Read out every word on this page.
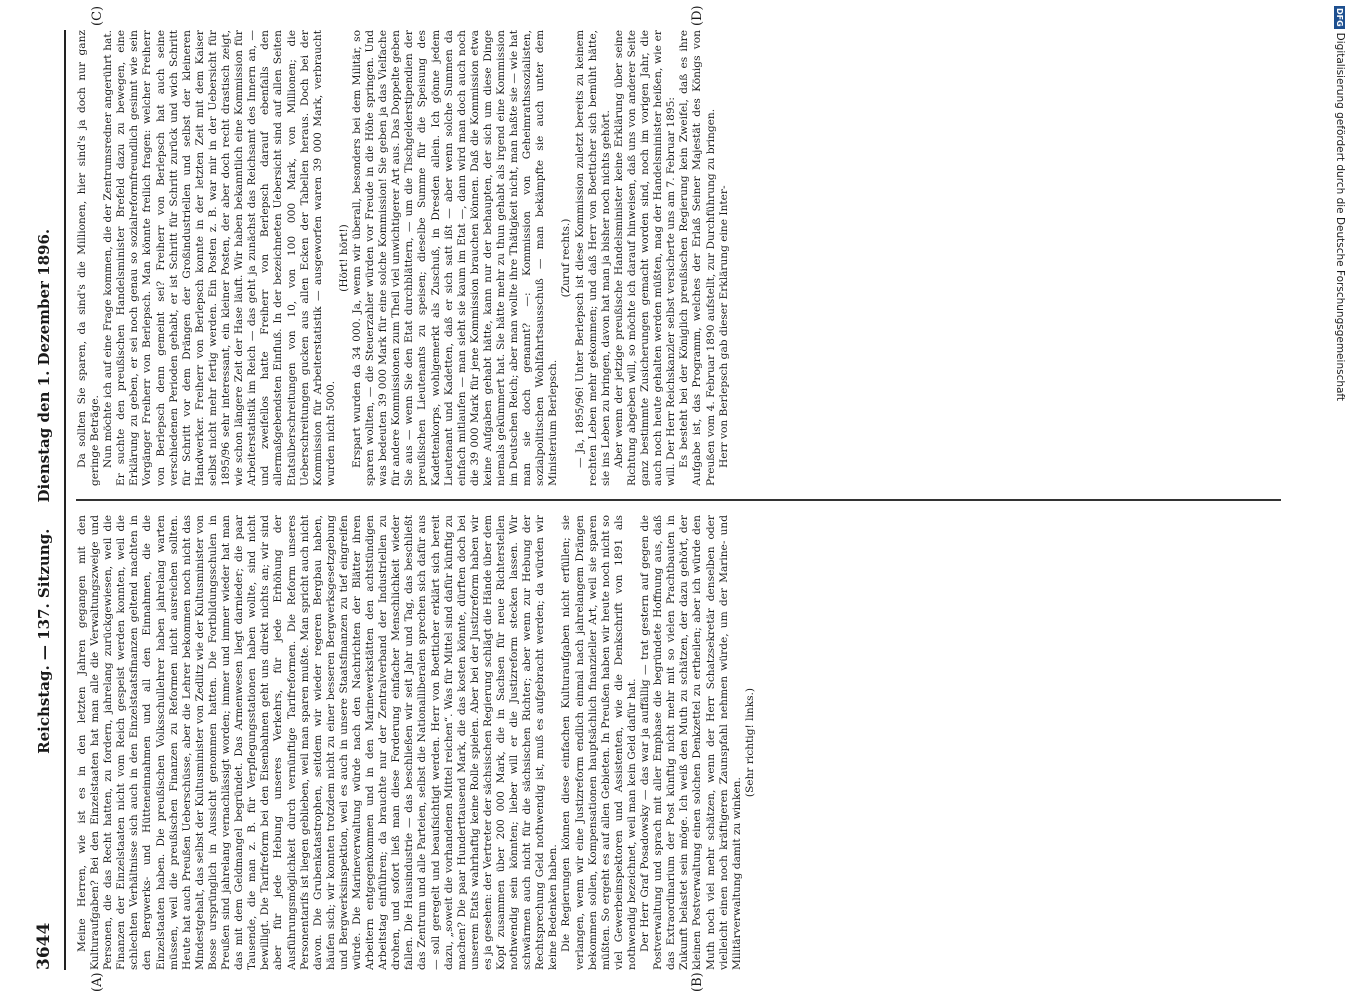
3644
Reichstag. — 137. Sitzung.     Dienstag den 1. Dezember 1896.

Meine Herren, wie ist es in den letzten Jahren gegangen mit den Kulturaufgaben? Bei den Einzelstaaten hat man alle die Verwaltungszweige und Personen, die das Recht hatten, zu fordern, jahrelang zurückgewiesen, weil die Finanzen der Einzelstaaten nicht vom Reich gespeist werden konnten, weil die schlechten Verhältnisse sich auch in den Einzelstaatsfinanzen geltend machten in den Bergwerks- und Hütteneinnahmen und all den Einnahmen, die die Einzelstaaten haben. Die preußischen Volksschullehrer haben jahrelang warten müssen, weil die preußischen Finanzen zu Reformen nicht ausreichen sollten. Heute hat auch Preußen Ueberschüsse, aber die Lehrer bekommen noch nicht das Mindestgehalt, das selbst der Kultusminister von Zedlitz wie der Kultusminister von Bosse ursprünglich in Aussicht genommen hatten. Die Fortbildungsschulen in Preußen sind jahrelang vernachlässigt worden; immer und immer wieder hat man das mit dem Geldmangel begründet. Das Armenwesen liegt darnieder; die paar Tausende, die man z. B. für Verpflegungsstationen haben wollte, sind nicht bewilligt. Die Tarifreform bei den Eisenbahnen geht uns direkt nichts an; wir sind aber für jede Hebung unseres Verkehrs, für jede Erhöhung der Ausführungsmöglichkeit durch vernünftige Tarifreformen. Die Reform unseres Personentarifs ist liegen geblieben, weil man sparen mußte. Man spricht auch nicht davon. Die Grubenkatastrophen, seitdem wir wieder regeren Bergbau haben, häufen sich; wir konnten trotzdem nicht zu einer besseren Bergwerksgesetzgebung und Bergwerksinspektion, weil es auch in unsere Staatsfinanzen zu tief eingreifen würde. Die Marineverwaltung würde nach den Nachrichten der Blätter ihren Arbeitern entgegenkommen und in den Marinewerkstätten den achtstündigen Arbeitstag einführen; da brauchte nur der Zentralverband der Industriellen zu drohen, und sofort ließ man diese Forderung einfacher Menschlichkeit wieder fallen. Die Hausindustrie — das beschließen wir seit Jahr und Tag, das beschließt das Zentrum und alle Parteien, selbst die Nationalliberalen sprechen sich dafür aus — soll geregelt und beaufsichtigt werden. Herr von Boetticher erklärt sich bereit dazu, „soweit die vorhandenen Mittel reichen“. Was für Mittel sind dafür künftig zu machen? Die paar Hunderttausend Mark, die das kosten könnte, dürften doch bei unserem Etats wahrhaftig keine Rolle spielen. Aber bei der Justizreform haben wir es ja gesehen: der Vertreter der sächsischen Regierung schlägt die Hände über dem Kopf zusammen über 200 000 Mark, die in Sachsen für neue Richterstellen nothwendig sein könnten; lieber will er die Justizreform stecken lassen. Wir schwärmen auch nicht für die sächsischen Richter; aber wenn zur Hebung der Rechtsprechung Geld nothwendig ist, muß es aufgebracht werden; da würden wir keine Bedenken haben. Die Regierungen können diese einfachen Kulturaufgaben nicht erfüllen; sie verlangen, wenn wir eine Justizreform endlich einmal nach jahrelangem Drängen bekommen sollen, Kompensationen hauptsächlich finanzieller Art, weil sie sparen müßten. So ergeht es auf allen Gebieten. In Preußen haben wir heute noch nicht so viel Gewerbeinspektoren und Assistenten, wie die Denkschrift von 1891 als nothwendig bezeichnet, weil man kein Geld dafür hat. Der Herr Graf Posadowsky — das war ja auffällig — trat gestern auf gegen die Postverwaltung und sprach mit aller Emphase die begründete Hoffnung aus, daß das Extraordinarium der Post künftig nicht mehr mit so vielen Prachtbauten in Zukunft belastet sein möge. Ich weiß den Muth zu schätzen, der dazu gehört, der kleinen Postverwaltung einen solchen Denkzettel zu ertheilen; aber ich würde den Muth noch viel mehr schätzen, wenn der Herr Schatzsekretär denselben oder vielleicht einen noch kräftigeren Zaunspfahl nehmen würde, um der Marine- und Militärverwaltung damit zu winken.

(Sehr richtig! links.)

Da sollten Sie sparen, da sind's die Millionen, hier sind's ja doch nur ganz geringe Beträge. Nun möchte ich auf eine Frage kommen, die der Zentrumsredner angerührt hat. Er suchte den preußischen Handelsminister Brefeld dazu zu bewegen, eine Erklärung zu geben, er sei noch genau so sozialreformfreundlich gesinnt wie sein Vorgänger Freiherr von Berlepsch. Man könnte freilich fragen: welcher Freiherr von Berlepsch denn gemeint sei? Freiherr von Berlepsch hat auch seine verschiedenen Perioden gehabt, er ist Schritt für Schritt zurück und wich Schritt für Schritt vor dem Drängen der Großindustriellen und selbst der kleineren Handwerker. Freiherr von Berlepsch konnte in der letzten Zeit mit dem Kaiser selbst nicht mehr fertig werden. Ein Posten z. B. war mir in der Uebersicht für 1895/96 sehr interessant, ein kleiner Posten, der aber doch recht drastisch zeigt, wie schon längere Zeit der Hase läuft. Wir haben bekanntlich eine Kommission für Arbeiterstatistik im Reich — das geht ja zunächst das Reichsamt des Innern an, — und zweifellos hatte Freiherr von Berlepsch darauf ebenfalls den allermaßgebendsten Einfluß. In der bezeichneten Uebersicht sind auf allen Seiten Etatsüberschreitungen von 10, von 100 000 Mark, von Millionen; die Ueberschreitungen gucken aus allen Ecken der Tabellen heraus. Doch bei der Kommission für Arbeiterstatistik — ausgeworfen waren 39 000 Mark, verbraucht wurden nicht 5000.

(Hört! hört!) Erspart wurden da 34 000. Ja, wenn wir überall, besonders bei dem Militär, so sparen wollten, — die Steuerzahler würden vor Freude in die Höhe springen. Und was bedeuten 39 000 Mark für eine solche Kommission! Sie geben ja das Vielfache für andere Kommissionen zum Theil viel unwichtigerer Art aus. Das Doppelte geben Sie aus — wenn Sie den Etat durchblättern, — um die Tischgelderstipendien der preußischen Lieutenants zu speisen; dieselbe Summe für die Speisung des Kadettenkorps, wohlgemerkt als Zuschuß, in Dresden allein. Ich gönne jedem Lieutenant und Kadetten, daß er sich satt ißt — aber wenn solche Summen da einfach mitlaufen — man sieht sie kaum im Etat —, dann wird man doch auch noch die 39 000 Mark für jene Kommission brauchen können. Daß die Kommission etwa keine Aufgaben gehabt hätte, kann nur der behaupten, der sich um diese Dinge niemals gekümmert hat. Sie hätte mehr zu thun gehabt als irgend eine Kommission im Deutschen Reich; aber man wollte ihre Thätigkeit nicht, man haßte sie — wie hat man sie doch genannt? —: Kommission von Geheimrathssozialisten, sozialpolitischen Wohlfahrtsausschuß — man bekämpfte sie auch unter dem Ministerium Berlepsch.

(Zuruf rechts.) — Ja, 1895/96! Unter Berlepsch ist diese Kommission zuletzt bereits zu keinem rechten Leben mehr gekommen; und daß Herr von Boetticher sich bemüht hätte, sie ins Leben zu bringen, davon hat man ja bisher noch nichts gehört. Aber wenn der jetzige preußische Handelsminister keine Erklärung über seine Richtung abgeben will, so möchte ich darauf hinweisen, daß uns von anderer Seite ganz bestimmte Zusicherungen gemacht worden sind, noch im vorigen Jahr, die auch noch heute gehalten werden müßten, mag der Handelsminister heißen, wie er will. Der Herr Reichskanzler selbst versicherte uns am 7. Februar 1895: Es besteht bei der Königlich preußischen Regierung kein Zweifel, daß es ihre Aufgabe ist, das Programm, welches der Erlaß Seiner Majestät des Königs von Preußen vom 4. Februar 1890 aufstellt, zur Durchführung zu bringen. Herr von Berlepsch gab dieser Erklärung eine Inter-

(A)	(B)
(C)	(D)	DFG
Digitalisierung gefördert durch die Deutsche Forschungsgemeinschaft
